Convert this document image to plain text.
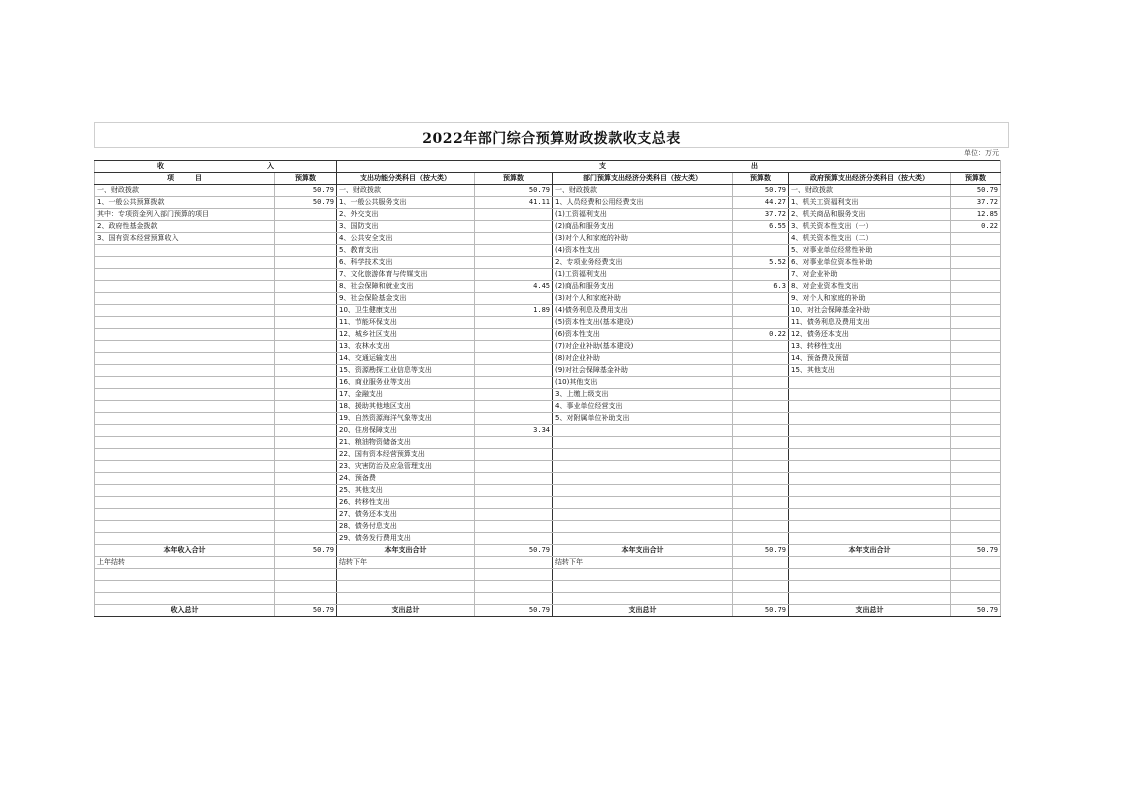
2022年部门综合预算财政拨款收支总表
单位：万元
收 入		支 出					

项　　　目	预算数	支出功能分类科目（按大类）	预算数	部门预算支出经济分类科目（按大类）	预算数	政府预算支出经济分类科目（按大类）	预算数
一、财政拨款	50.79	一、财政拨款	50.79	一、财政拨款	50.79	一、财政拨款	50.79
1、一般公共预算拨款	50.79	1、一般公共服务支出	41.11	1、人员经费和公用经费支出	44.27	1、机关工资福利支出	37.72
其中：专项资金列入部门预算的项目		2、外交支出		(1)工资福利支出	37.72	2、机关商品和服务支出	12.85
2、政府性基金拨款		3、国防支出		(2)商品和服务支出	6.55	3、机关资本性支出（一）	0.22
3、国有资本经营预算收入		4、公共安全支出		(3)对个人和家庭的补助		4、机关资本性支出（二）	
		5、教育支出		(4)资本性支出		5、对事业单位经常性补助	
		6、科学技术支出		2、专项业务经费支出	5.52	6、对事业单位资本性补助	
		7、文化旅游体育与传媒支出		(1)工资福利支出		7、对企业补助	
		8、社会保障和就业支出	4.45	(2)商品和服务支出	6.3	8、对企业资本性支出	
		9、社会保险基金支出		(3)对个人和家庭补助		9、对个人和家庭的补助	
		10、卫生健康支出	1.89	(4)债务利息及费用支出		10、对社会保障基金补助	
		11、节能环保支出		(5)资本性支出(基本建设)		11、债务利息及费用支出	
		12、城乡社区支出		(6)资本性支出	0.22	12、债务还本支出	
		13、农林水支出		(7)对企业补助(基本建设)		13、转移性支出	
		14、交通运输支出		(8)对企业补助		14、预备费及预留	
		15、资源勘探工业信息等支出		(9)对社会保障基金补助		15、其他支出	
		16、商业服务业等支出		(10)其他支出			
		17、金融支出		3、上缴上级支出			
		18、援助其他地区支出		4、事业单位经营支出			
		19、自然资源海洋气象等支出		5、对附属单位补助支出			
		20、住房保障支出	3.34				
		21、粮油物资储备支出					
		22、国有资本经营预算支出					
		23、灾害防治及应急管理支出					
		24、预备费					
		25、其他支出					
		26、转移性支出					
		27、债务还本支出					
		28、债务付息支出					
		29、债务发行费用支出					
本年收入合计	50.79	本年支出合计	50.79	本年支出合计	50.79	本年支出合计	50.79
上年结转		结转下年		结转下年			

收入总计	50.79	支出总计	50.79	支出总计	50.79	支出总计	50.79
